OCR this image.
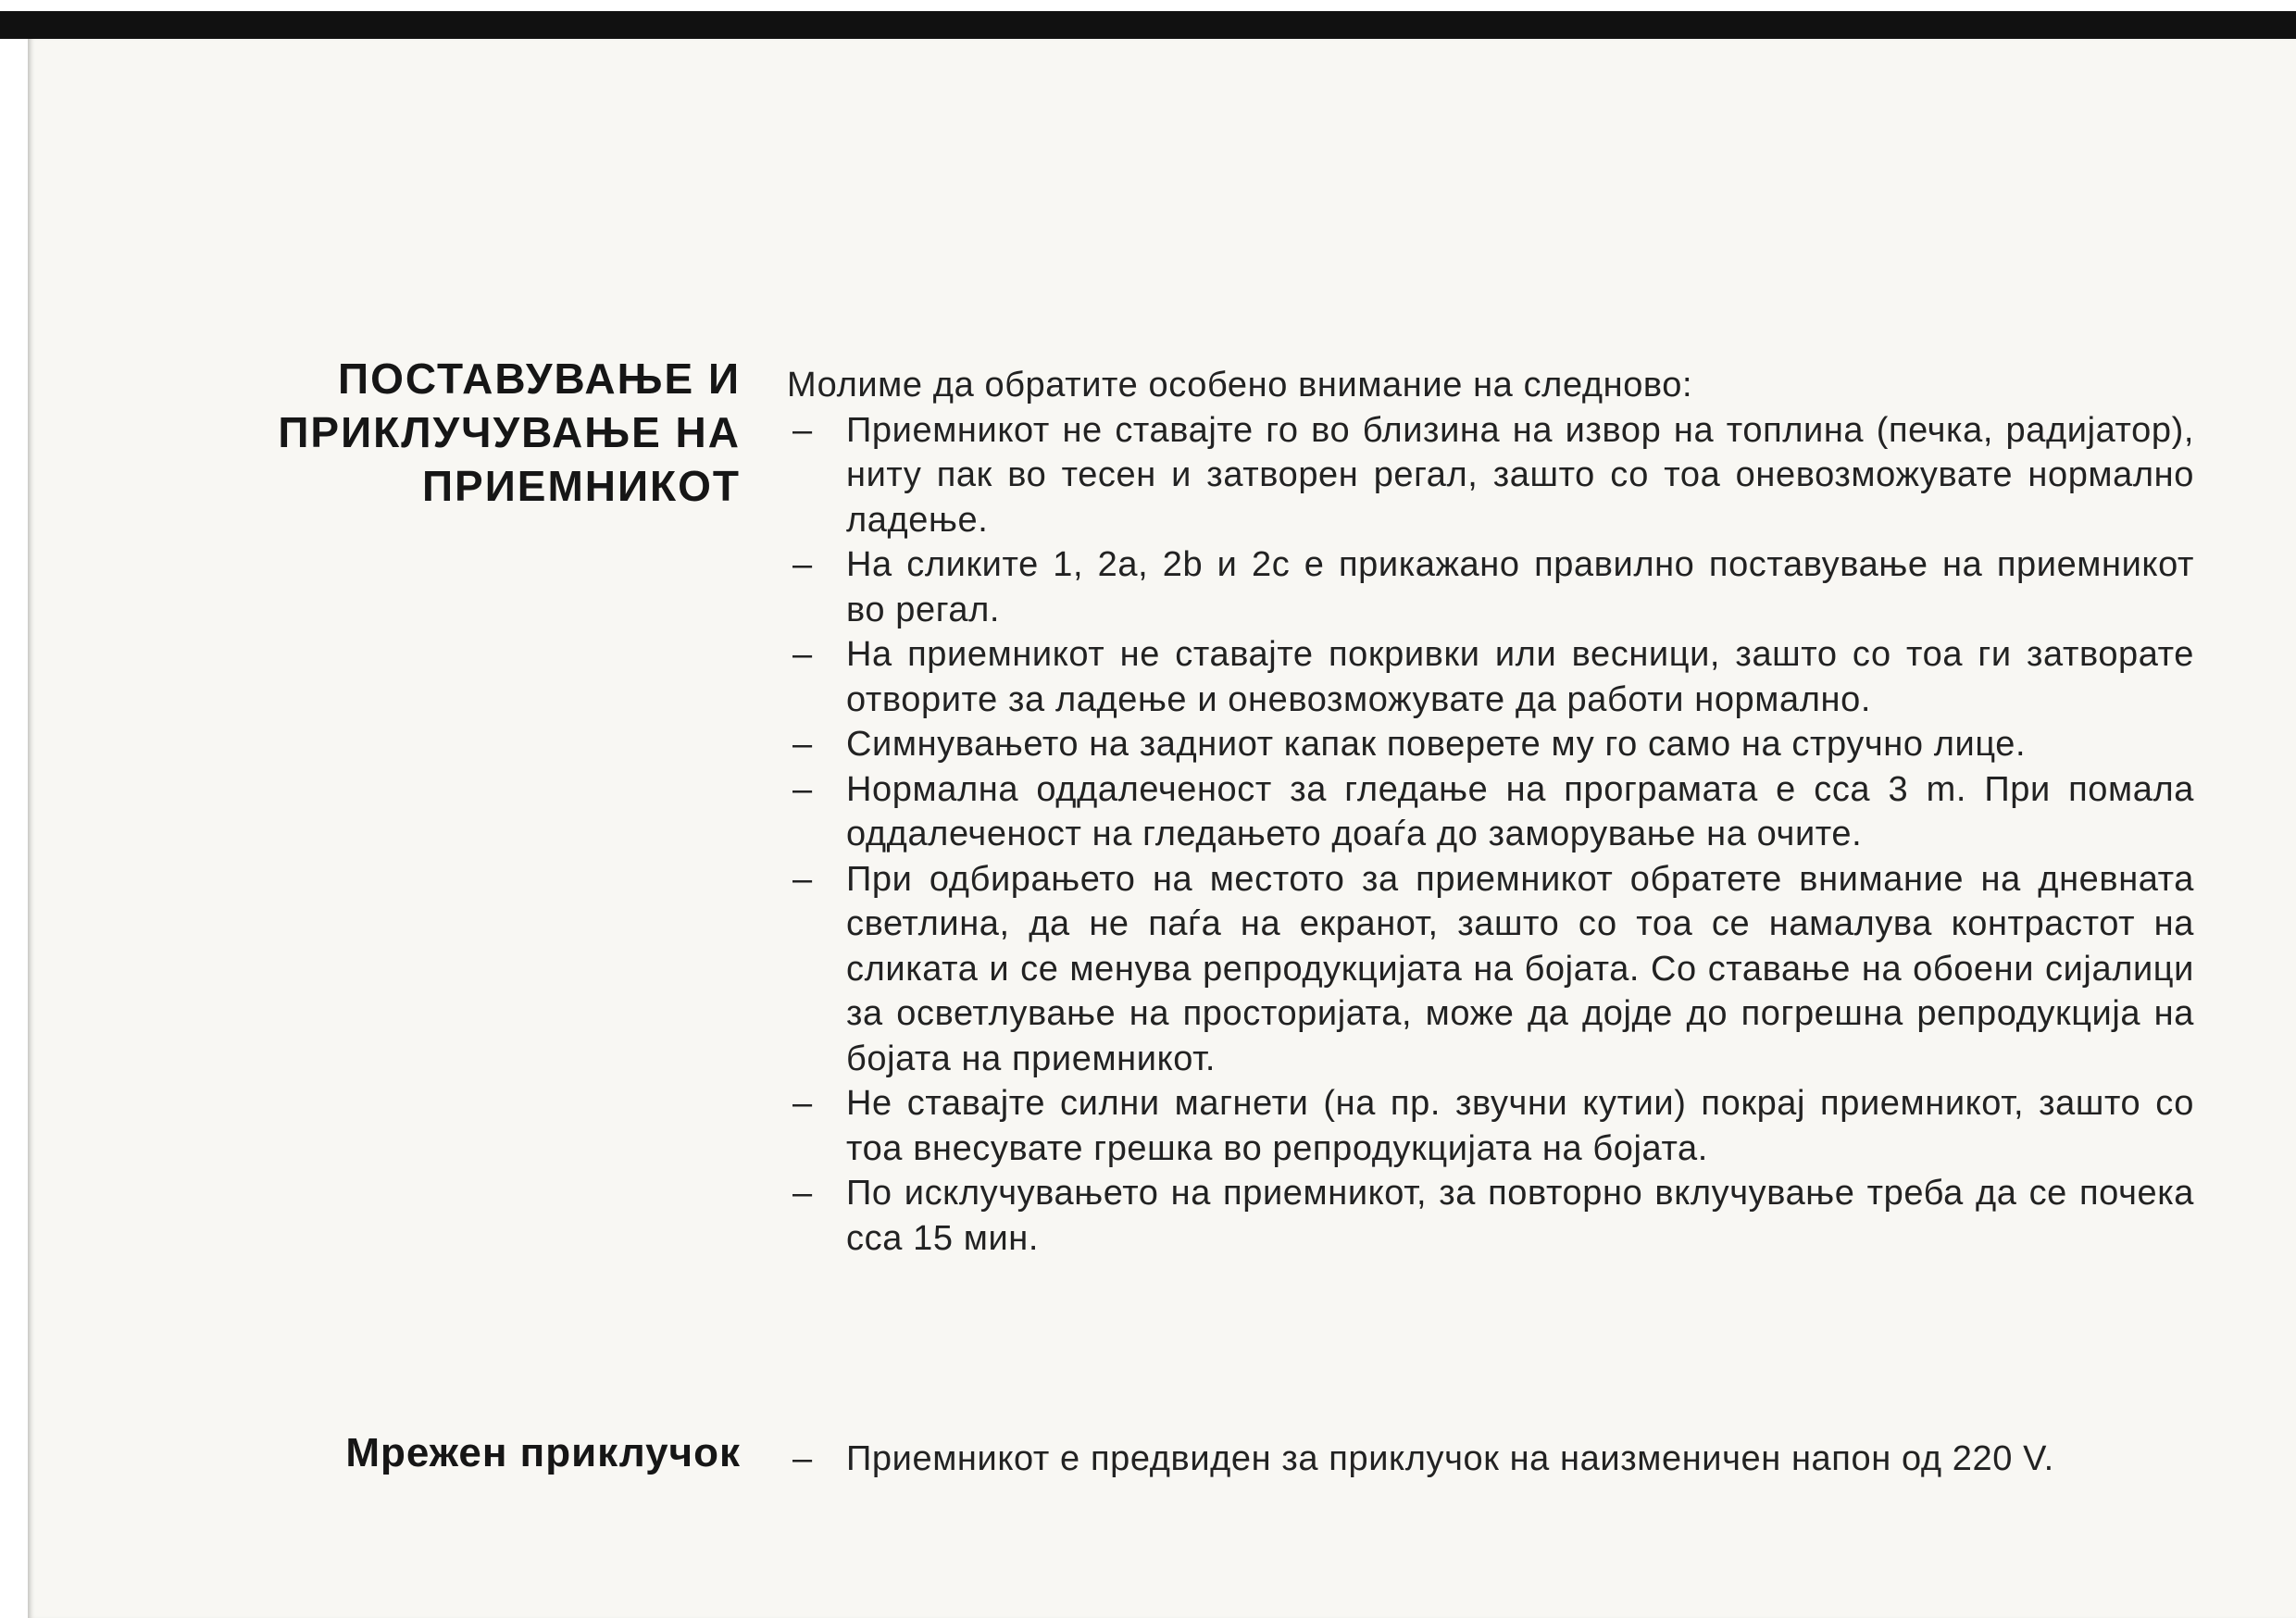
ПОСТАВУВАЊЕ И
ПРИКЛУЧУВАЊЕ НА
ПРИЕМНИКОТ
Молиме да обратите особено внимание на следново:
– Приемникот не ставајте го во близина на извор на топлина (печка, радијатор), ниту пак во тесен и затворен регал, зашто со тоа оневозможувате нормално ладење.
– На сликите 1, 2a, 2b и 2c е прикажано правилно поставување на приемникот во регал.
– На приемникот не ставајте покривки или весници, зашто со тоа ги затворате отворите за ладење и оневозможувате да работи нормално.
– Симнувањето на задниот капак поверете му го само на стручно лице.
– Нормална оддалеченост за гледање на програмата е cca 3 m. При помала оддалеченост на гледањето доаѓа до заморување на очите.
– При одбирањето на местото за приемникот обратете внимание на дневната светлина, да не паѓа на екранот, зашто со тоа се намалува контрастот на сликата и се менува репродукцијата на бојата. Со ставање на обоени сијалици за осветлување на просторијата, може да дојде до погрешна репродукција на бојата на приемникот.
– Не ставајте силни магнети (на пр. звучни кутии) покрај приемникот, зашто со тоа внесувате грешка во репродукцијата на бојата.
– По исклучувањето на приемникот, за повторно вклучување треба да се почека cca 15 мин.
Мрежен приклучок – Приемникот е предвиден за приклучок на наизменичен напон од 220 V.
